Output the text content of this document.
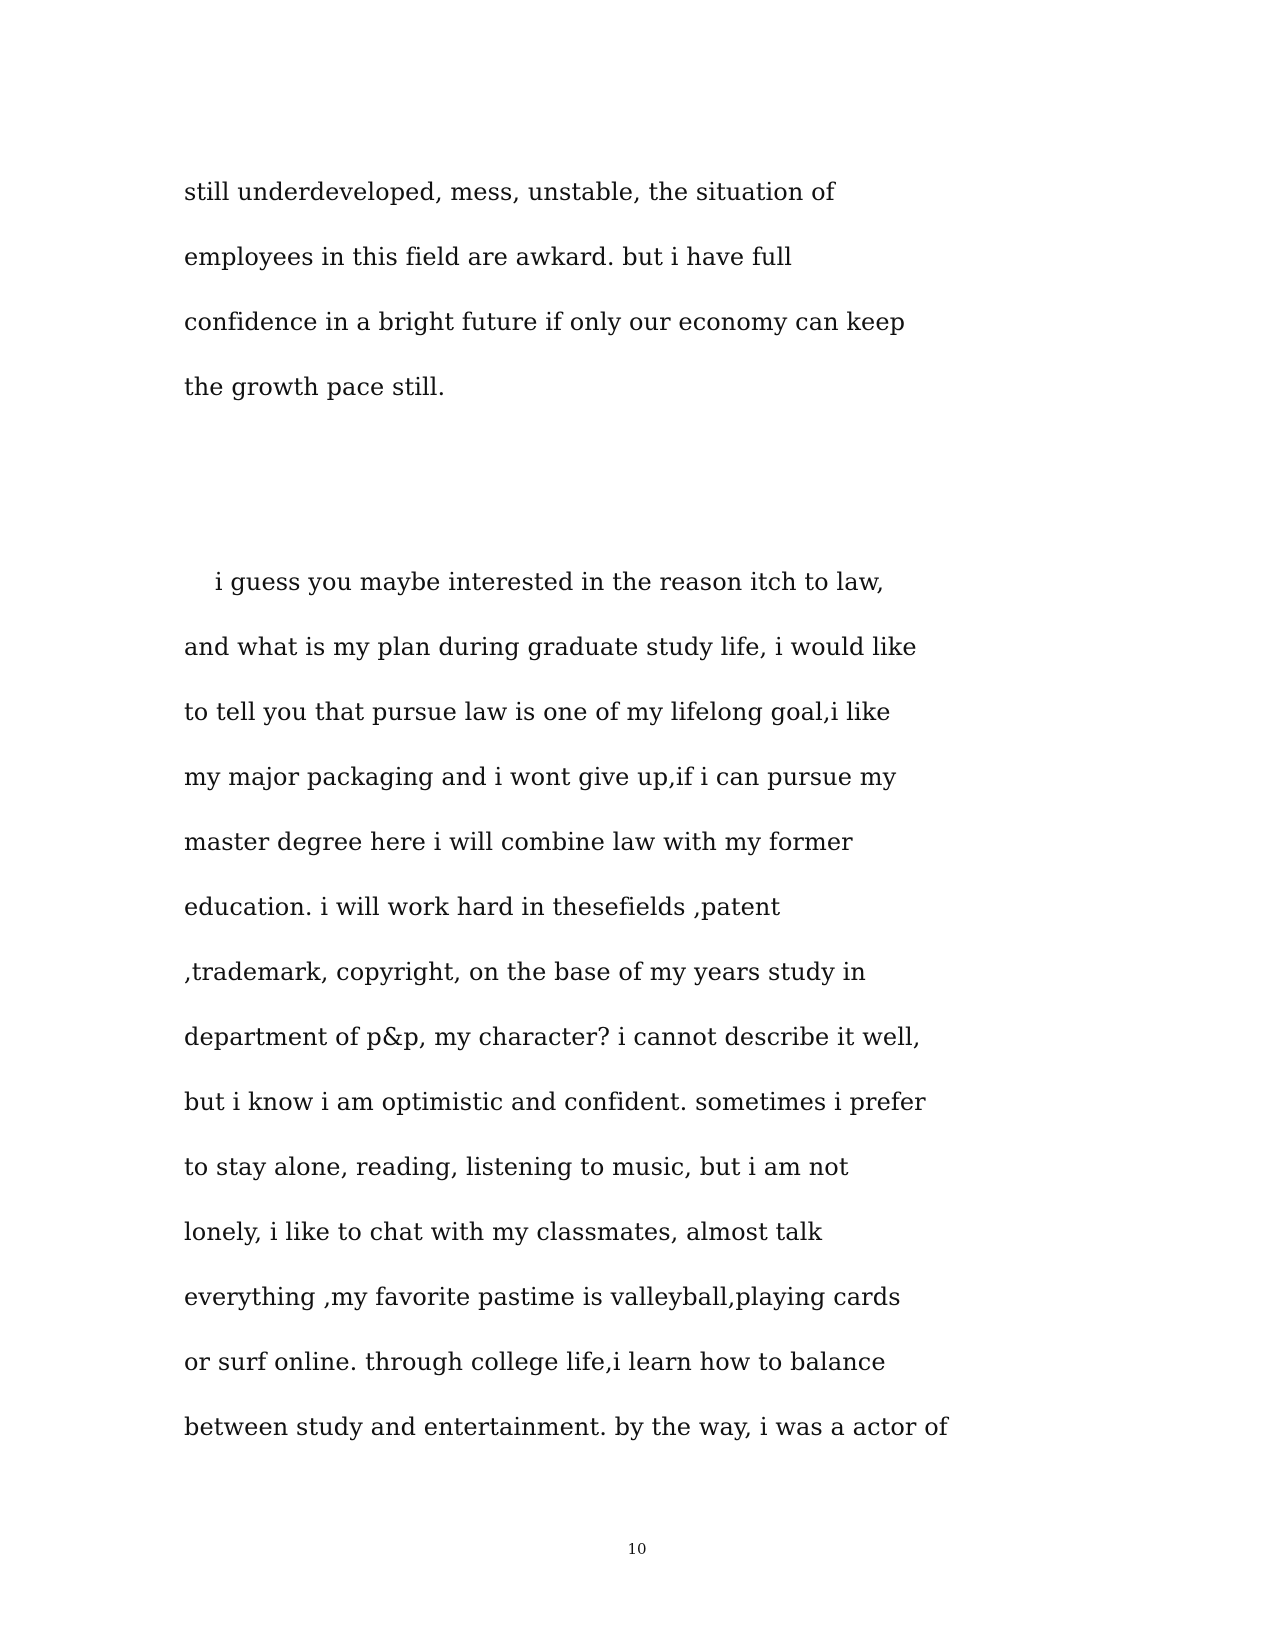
still underdeveloped, mess, unstable, the situation of
employees in this field are awkard. but i have full
confidence in a bright future if only our economy can keep
the growth pace still.
i guess you maybe interested in the reason itch to law,
and what is my plan during graduate study life, i would like
to tell you that pursue law is one of my lifelong goal,i like
my major packaging and i wont give up,if i can pursue my
master degree here i will combine law with my former
education. i will work hard in thesefields ,patent
,trademark, copyright, on the base of my years study in
department of p&p, my character? i cannot describe it well,
but i know i am optimistic and confident. sometimes i prefer
to stay alone, reading, listening to music, but i am not
lonely, i like to chat with my classmates, almost talk
everything ,my favorite pastime is valleyball,playing cards
or surf online. through college life,i learn how to balance
between study and entertainment. by the way, i was a actor of
10
